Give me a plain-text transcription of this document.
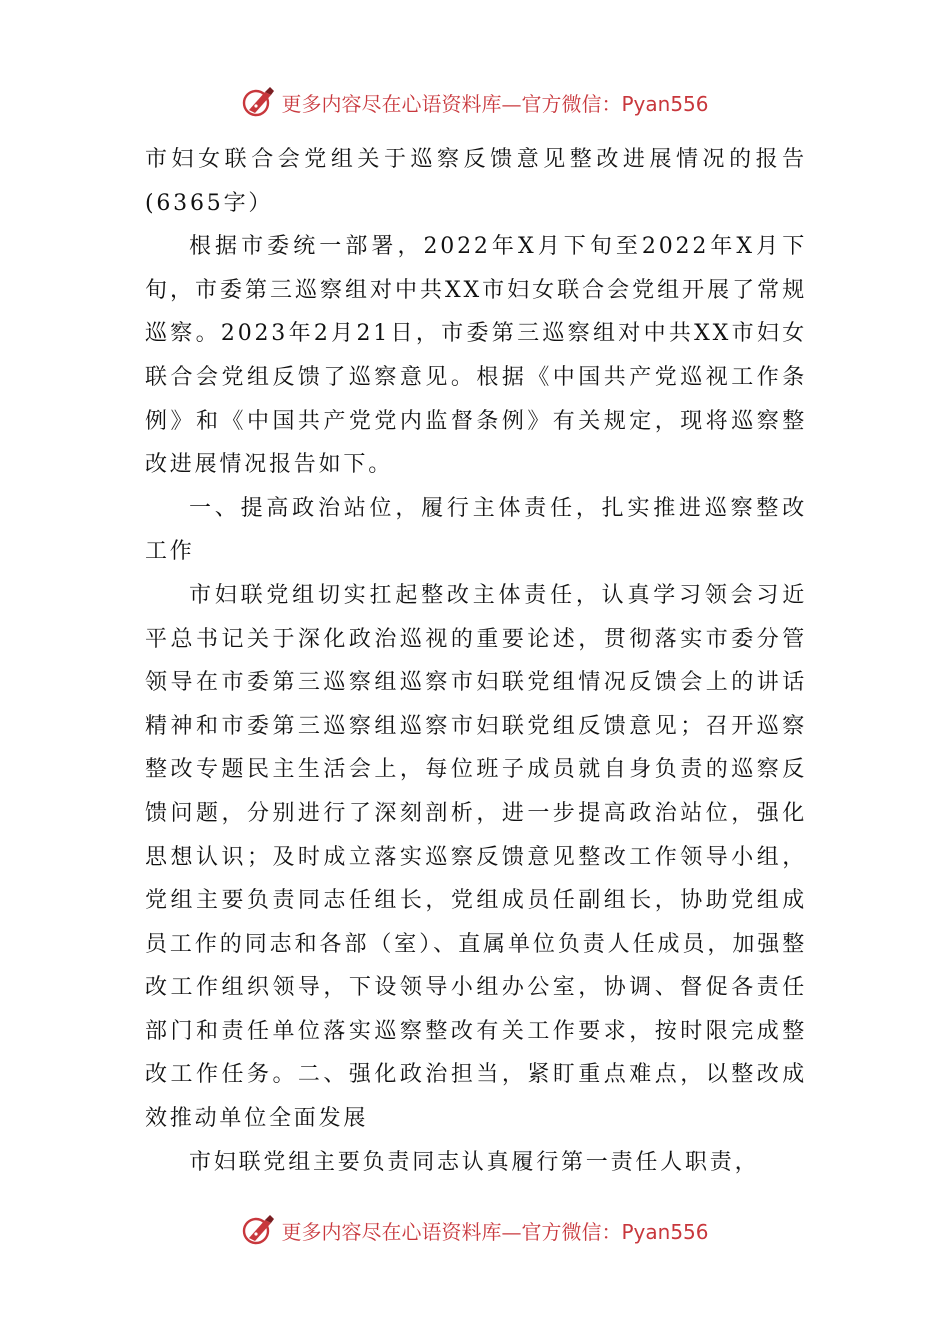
更多内容尽在心语资料库—官方微信：Pyan556

市妇女联合会党组关于巡察反馈意见整改进展情况的报告(6365字）

根据市委统一部署，2022年X月下旬至2022年X月下旬，市委第三巡察组对中共XX市妇女联合会党组开展了常规巡察。2023年2月21日，市委第三巡察组对中共XX市妇女联合会党组反馈了巡察意见。根据《中国共产党巡视工作条例》和《中国共产党党内监督条例》有关规定，现将巡察整改进展情况报告如下。

一、提高政治站位，履行主体责任，扎实推进巡察整改工作

市妇联党组切实扛起整改主体责任，认真学习领会习近平总书记关于深化政治巡视的重要论述，贯彻落实市委分管领导在市委第三巡察组巡察市妇联党组情况反馈会上的讲话精神和市委第三巡察组巡察市妇联党组反馈意见；召开巡察整改专题民主生活会上，每位班子成员就自身负责的巡察反馈问题，分别进行了深刻剖析，进一步提高政治站位，强化思想认识；及时成立落实巡察反馈意见整改工作领导小组，党组主要负责同志任组长，党组成员任副组长，协助党组成员工作的同志和各部（室）、直属单位负责人任成员，加强整改工作组织领导，下设领导小组办公室，协调、督促各责任部门和责任单位落实巡察整改有关工作要求，按时限完成整改工作任务。二、强化政治担当，紧盯重点难点，以整改成效推动单位全面发展

市妇联党组主要负责同志认真履行第一责任人职责，

更多内容尽在心语资料库—官方微信：Pyan556
